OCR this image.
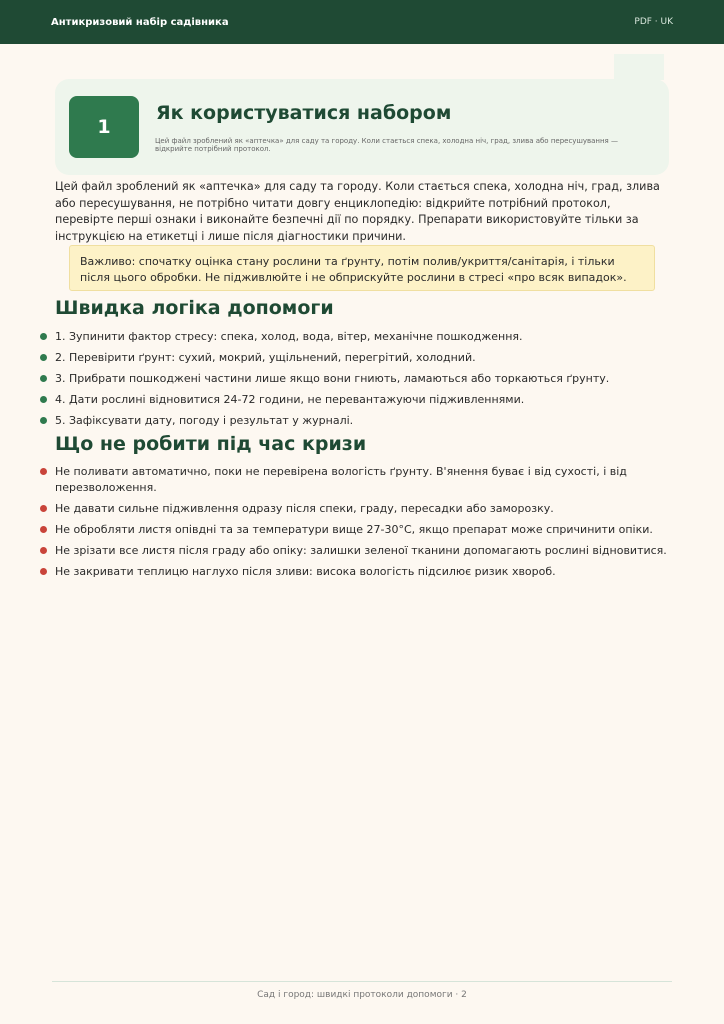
Антикризовий набір садівника	PDF · UK
1
Як користуватися набором
Цей файл зроблений як «аптечка» для саду та городу. Коли стається спека, холодна ніч, град, злива або пересушування — відкрийте потрібний протокол.

Цей файл зроблений як «аптечка» для саду та городу. Коли стається спека, холодна ніч, град, злива або пересушування, не потрібно читати довгу енциклопедію: відкрийте потрібний протокол, перевірте перші ознаки і виконайте безпечні дії по порядку. Препарати використовуйте тільки за інструкцією на етикетці і лише після діагностики причини.

Важливо: спочатку оцінка стану рослини та ґрунту, потім полив/укриття/санітарія, і тільки після цього обробки. Не підживлюйте і не обприскуйте рослини в стресі «про всяк випадок».
Швидка логіка допомоги
1. Зупинити фактор стресу: спека, холод, вода, вітер, механічне пошкодження.
2. Перевірити ґрунт: сухий, мокрий, ущільнений, перегрітий, холодний.
3. Прибрати пошкоджені частини лише якщо вони гниють, ламаються або торкаються ґрунту.
4. Дати рослині відновитися 24-72 години, не перевантажуючи підживленнями.
5. Зафіксувати дату, погоду і результат у журналі.
Що не робити під час кризи
Не поливати автоматично, поки не перевірена вологість ґрунту. В'янення буває і від сухості, і від перезволоження.
Не давати сильне підживлення одразу після спеки, граду, пересадки або заморозку.
Не обробляти листя опівдні та за температури вище 27-30°C, якщо препарат може спричинити опіки.
Не зрізати все листя після граду або опіку: залишки зеленої тканини допомагають рослині відновитися.
Не закривати теплицю наглухо після зливи: висока вологість підсилює ризик хвороб.
Сад і город: швидкі протоколи допомоги · 2
